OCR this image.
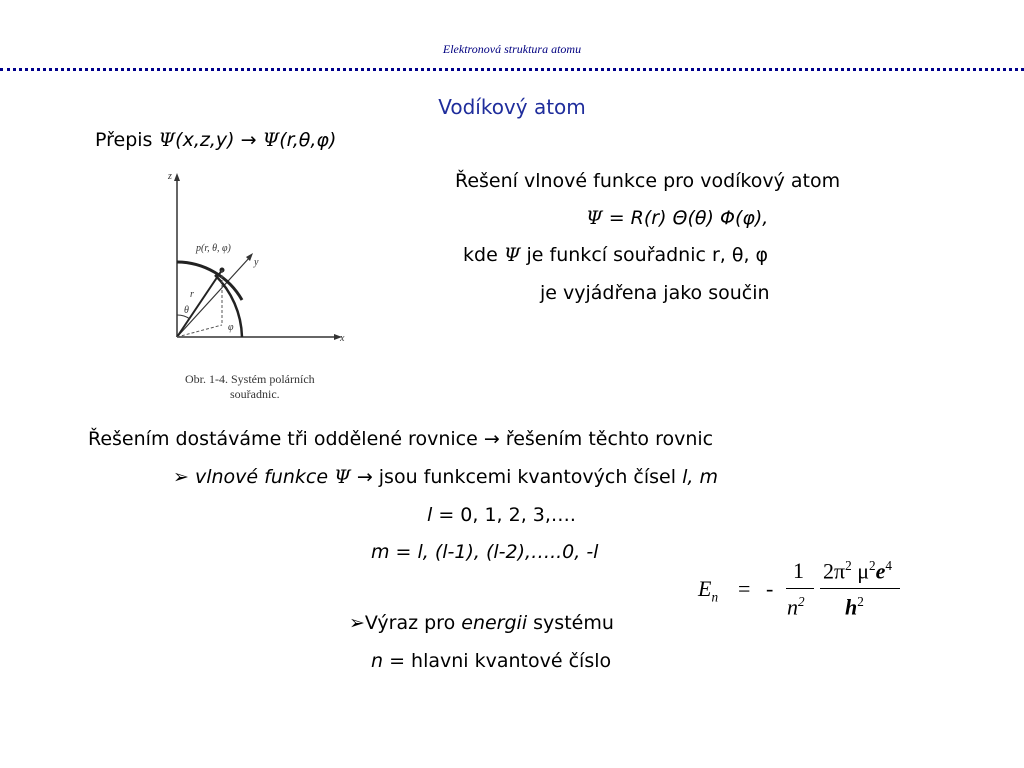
Elektronová struktura atomu
Vodíkový atom
Přepis Ψ(x,z,y) → Ψ(r,θ,φ)
Řešení vlnové funkce pro vodíkový atom
Ψ = R(r) Θ(θ) Φ(φ),
kde Ψ je funkcí souřadnic r, θ, φ
je vyjádřena jako součin
z
y
x
p(r, θ, φ)
θ
φ
r
Obr. 1-4. Systém polárních
souřadnic.
Řešením dostáváme tři oddělené rovnice → řešením těchto rovnic
➢ vlnové funkce Ψ → jsou funkcemi kvantových čísel l, m
l = 0, 1, 2, 3,….
m = l, (l-1), (l-2),…..0, -l
➢Výraz pro energii systému
n = hlavni kvantové číslo
$E_n$ = -
1
$n^2$
$2\pi^2$ $\mu^2e^4$
$h^2$
